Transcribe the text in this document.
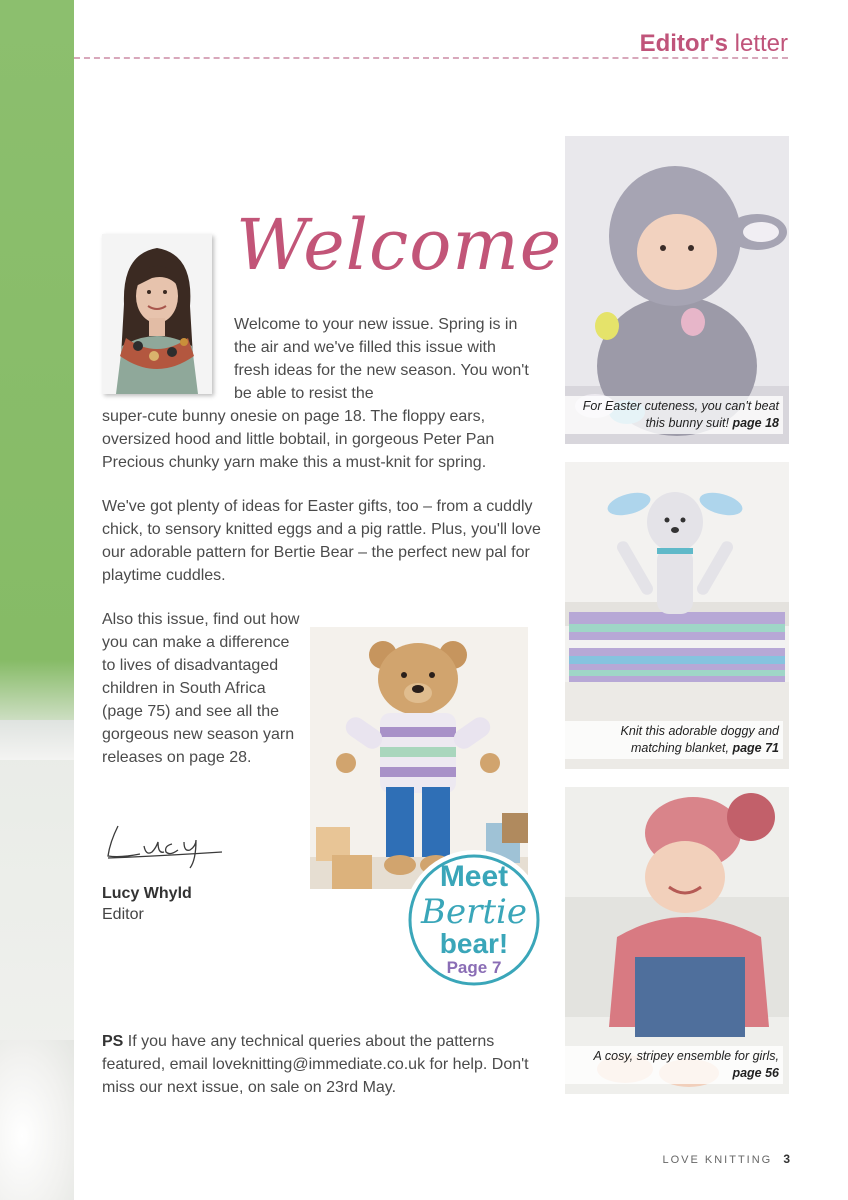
Editor's letter
Welcome
Welcome to your new issue. Spring is in the air and we've filled this issue with fresh ideas for the new season. You won't be able to resist the
super-cute bunny onesie on page 18. The floppy ears, oversized hood and little bobtail, in gorgeous Peter Pan Precious chunky yarn make this a must-knit for spring.
We've got plenty of ideas for Easter gifts, too – from a cuddly chick, to sensory knitted eggs and a pig rattle. Plus, you'll love our adorable pattern for Bertie Bear – the perfect new pal for playtime cuddles.
Also this issue, find out how you can make a difference to lives of disadvantaged children in South Africa (page 75) and see all the gorgeous new season yarn releases on page 28.
Meet
Bertie
bear!
Page 7
Lucy Whyld
Editor
PS If you have any technical queries about the patterns featured, email loveknitting@immediate.co.uk for help. Don't miss our next issue, on sale on 23rd May.
For Easter cuteness, you can't beat this bunny suit! page 18
Knit this adorable doggy and matching blanket, page 71
A cosy, stripey ensemble for girls, page 56
LOVE KNITTING 3
